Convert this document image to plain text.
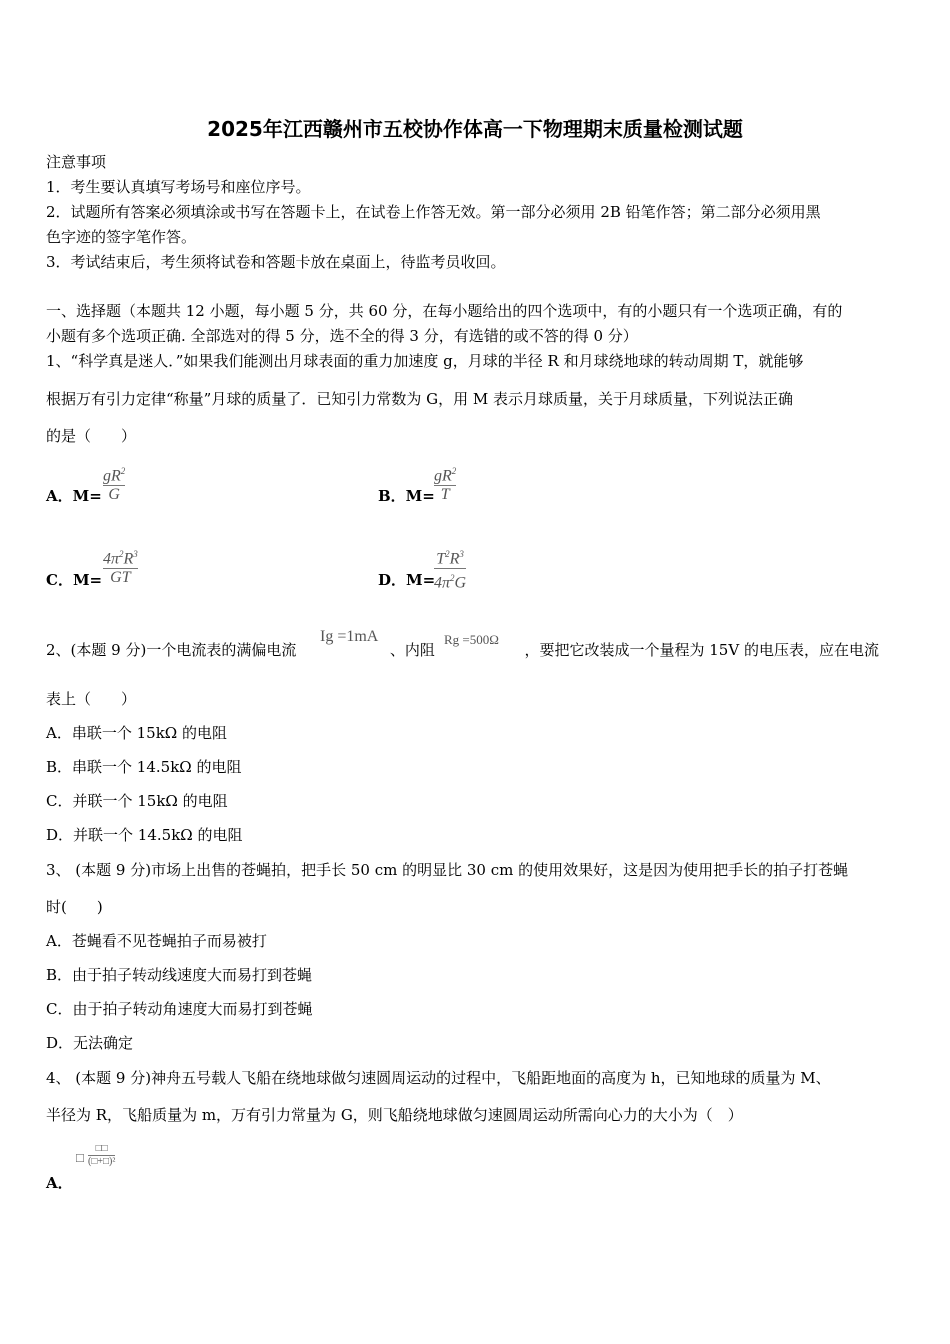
2025年江西赣州市五校协作体高一下物理期末质量检测试题
注意事项
1．考生要认真填写考场号和座位序号。
2．试题所有答案必须填涂或书写在答题卡上，在试卷上作答无效。第一部分必须用 2B 铅笔作答；第二部分必须用黑
色字迹的签字笔作答。
3．考试结束后，考生须将试卷和答题卡放在桌面上，待监考员收回。
一、选择题（本题共 12 小题，每小题 5 分，共 60 分，在每小题给出的四个选项中，有的小题只有一个选项正确，有的
小题有多个选项正确. 全部选对的得 5 分，选不全的得 3 分，有选错的或不答的得 0 分）
1、“科学真是迷人．”如果我们能测出月球表面的重力加速度 g，月球的半径 R 和月球绕地球的转动周期 T，就能够
根据万有引力定律“称量”月球的质量了．已知引力常数为 G，用 M 表示月球质量，关于月球质量，下列说法正确
的是（　　）
A．M=
$gR^2$
G	B．M=
$gR^2$
T
C．M=
$4\pi^2R^3$
GT	D．M=
$T^2R^3$
$4\pi^2G$
2、(本题 9 分)一个电流表的满偏电流	、内阻	，要把它改装成一个量程为 15V 的电压表，应在电流
Ig =1mA	Rg =500Ω
表上（　　）
A．串联一个 15kΩ 的电阻
B．串联一个 14.5kΩ 的电阻
C．并联一个 15kΩ 的电阻
D．并联一个 14.5kΩ 的电阻
3、 (本题 9 分)市场上出售的苍蝇拍，把手长 50 cm 的明显比 30 cm 的使用效果好，这是因为使用把手长的拍子打苍蝇
时(　　)
A．苍蝇看不见苍蝇拍子而易被打
B．由于拍子转动线速度大而易打到苍蝇
C．由于拍子转动角速度大而易打到苍蝇
D．无法确定
4、 (本题 9 分)神舟五号载人飞船在绕地球做匀速圆周运动的过程中，飞船距地面的高度为 h，已知地球的质量为 M、
半径为 R，飞船质量为 m，万有引力常量为 G，则飞船绕地球做匀速圆周运动所需向心力的大小为（　）
□
□□
(□+□)²
A．
